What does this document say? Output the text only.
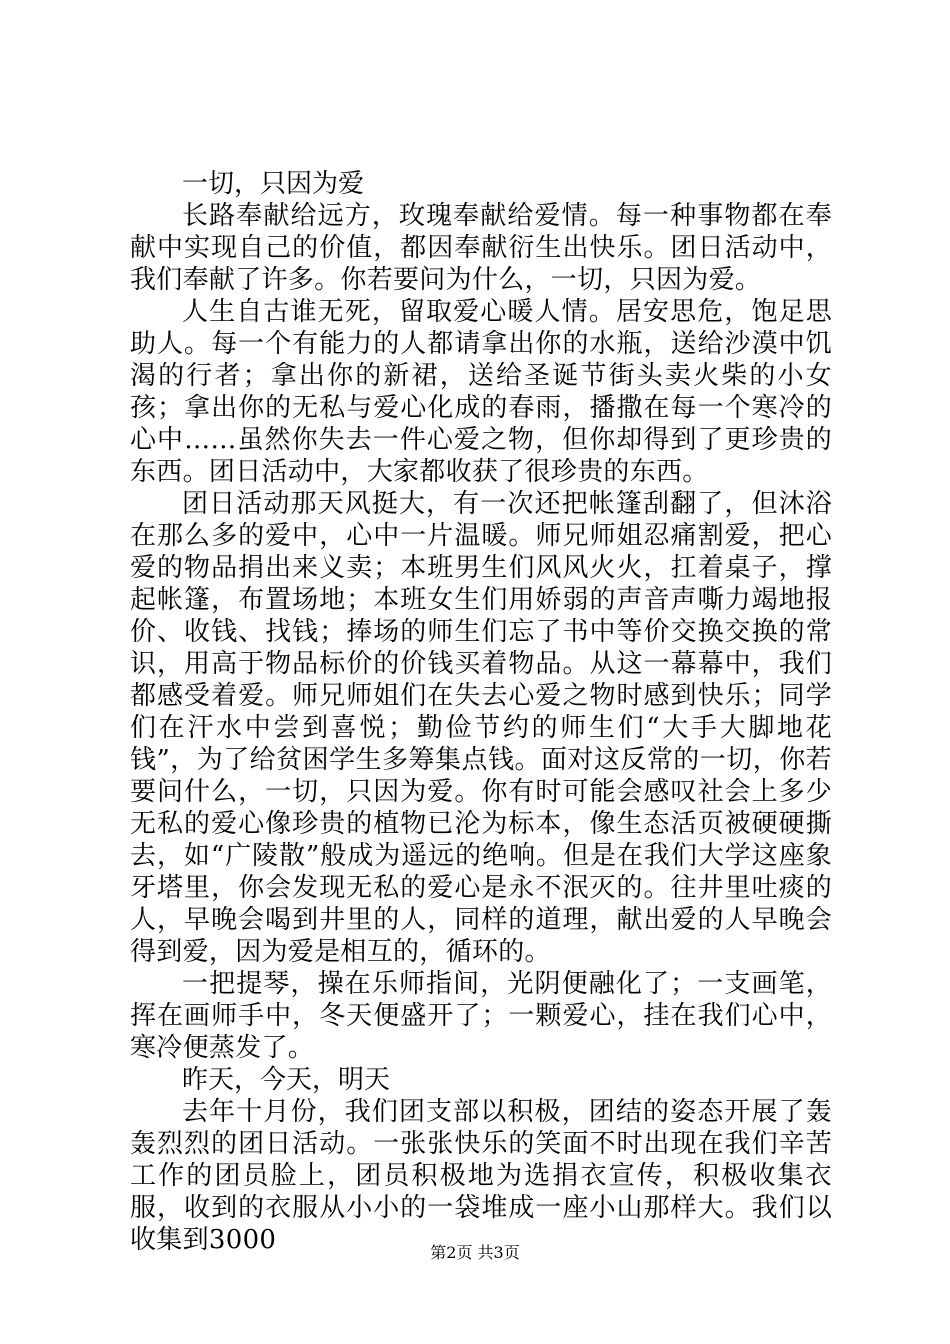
一切，只因为爱

长路奉献给远方，玫瑰奉献给爱情。每一种事物都在奉献中实现自己的价值，都因奉献衍生出快乐。团日活动中，我们奉献了许多。你若要问为什么，一切，只因为爱。

人生自古谁无死，留取爱心暖人情。居安思危，饱足思助人。每一个有能力的人都请拿出你的水瓶，送给沙漠中饥渴的行者；拿出你的新裙，送给圣诞节街头卖火柴的小女孩；拿出你的无私与爱心化成的春雨，播撒在每一个寒冷的心中……虽然你失去一件心爱之物，但你却得到了更珍贵的东西。团日活动中，大家都收获了很珍贵的东西。

团日活动那天风挺大，有一次还把帐篷刮翻了，但沐浴在那么多的爱中，心中一片温暖。师兄师姐忍痛割爱，把心爱的物品捐出来义卖；本班男生们风风火火，扛着桌子，撑起帐篷，布置场地；本班女生们用娇弱的声音声嘶力竭地报价、收钱、找钱；捧场的师生们忘了书中等价交换交换的常识，用高于物品标价的价钱买着物品。从这一幕幕中，我们都感受着爱。师兄师姐们在失去心爱之物时感到快乐；同学们在汗水中尝到喜悦；勤俭节约的师生们“大手大脚地花钱”，为了给贫困学生多筹集点钱。面对这反常的一切，你若要问什么，一切，只因为爱。你有时可能会感叹社会上多少无私的爱心像珍贵的植物已沦为标本，像生态活页被硬硬撕去，如“广陵散”般成为遥远的绝响。但是在我们大学这座象牙塔里，你会发现无私的爱心是永不泯灭的。往井里吐痰的人，早晚会喝到井里的人，同样的道理，献出爱的人早晚会得到爱，因为爱是相互的，循环的。

一把提琴，操在乐师指间，光阴便融化了；一支画笔，挥在画师手中，冬天便盛开了；一颗爱心，挂在我们心中，寒冷便蒸发了。

昨天，今天，明天

去年十月份，我们团支部以积极，团结的姿态开展了轰轰烈烈的团日活动。一张张快乐的笑面不时出现在我们辛苦工作的团员脸上，团员积极地为选捐衣宣传，积极收集衣服，收到的衣服从小小的一袋堆成一座小山那样大。我们以收集到3000	第2页 共3页
